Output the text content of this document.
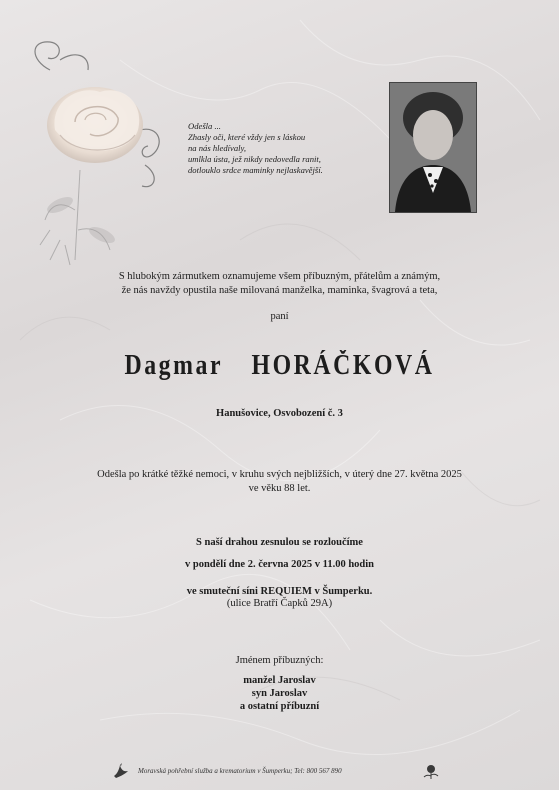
Odešla ...
Zhasly oči, které vždy jen s láskou
na nás hledívaly,
umlkla ústa, jež nikdy nedovedla ranit,
dotlouklo srdce maminky nejlaskavější.
S hlubokým zármutkem oznamujeme všem příbuzným, přátelům a známým,
že nás navždy opustila naše milovaná manželka, maminka, švagrová a teta,
paní
Dagmar HORÁČKOVÁ
Hanušovice, Osvobození č. 3
Odešla po krátké těžké nemoci, v kruhu svých nejbližších, v úterý dne 27. května 2025
ve věku 88 let.
S naší drahou zesnulou se rozloučíme
v pondělí dne 2. června 2025 v 11.00 hodin
ve smuteční síni REQUIEM v Šumperku.
(ulice Bratří Čapků 29A)
Jménem příbuzných:
manžel Jaroslav
syn Jaroslav
a ostatní příbuzní
Moravská pohřební služba a krematorium v Šumperku; Tel: 800 567 890
